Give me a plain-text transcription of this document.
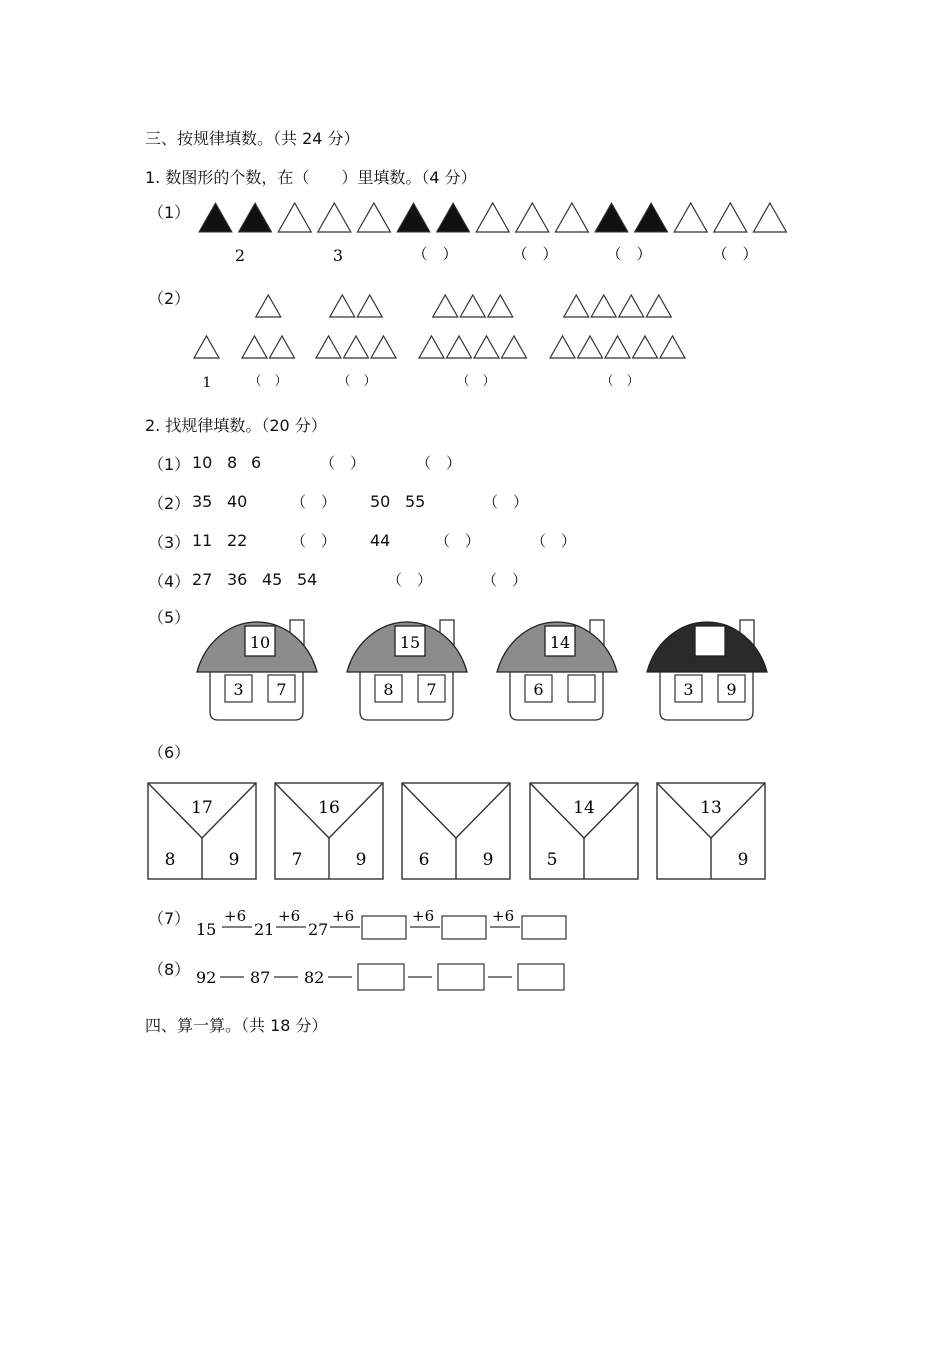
三、按规律填数。（共 24 分）
1. 数图形的个数，在（　　）里填数。（4 分）
（1）
2	3	（　）	（　）	（　）	（　）
（2）
1	（　）	（　）	（　）	（　）
2. 找规律填数。（20 分）
（1） 10 8 6	（　）	（　）
（2） 35 40	（　） 50 55	（　）
（3） 11 22	（　） 44	（　）	（　）
（4） 27 36 45 54	（　）	（　）
（5）
10
3 7
15
8 7
14
6	3 9
（6）
17
8	9
16
7	9	6	9
14
5
13
9
（7）
15
+6
21
+6
27
+6	+6	+6
（8） 92 87 82
四、算一算。（共 18 分）
